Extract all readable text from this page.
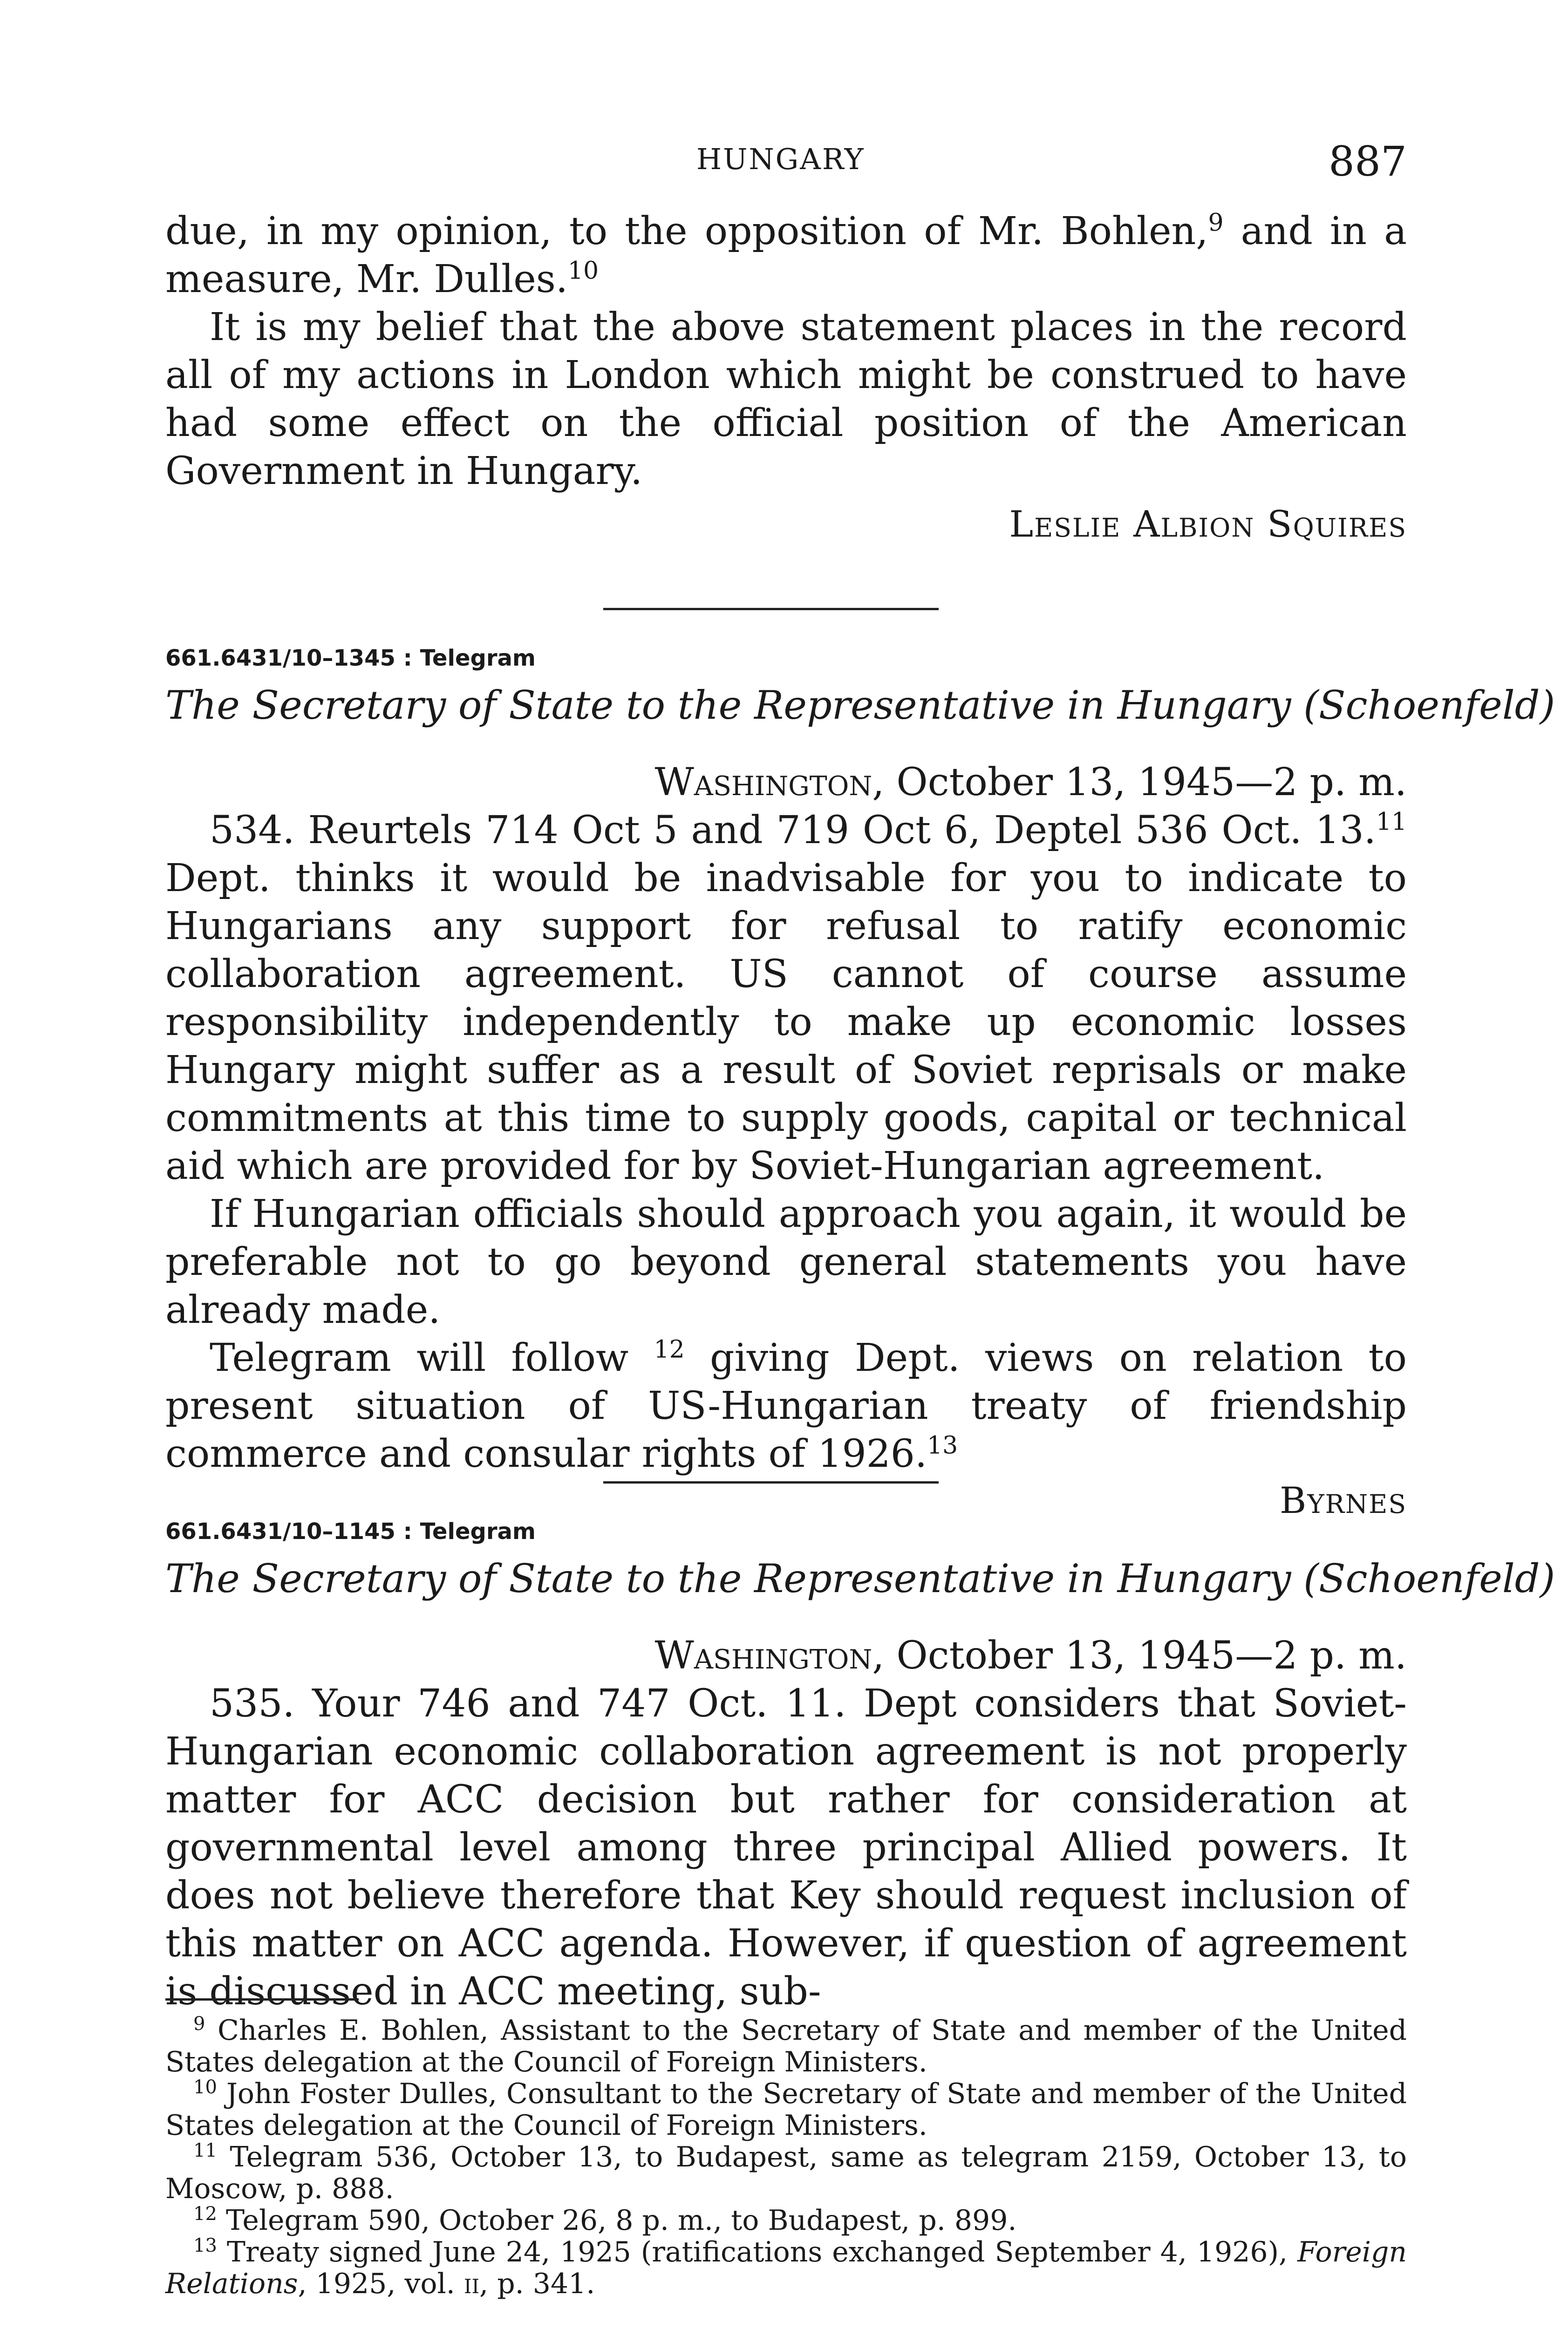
HUNGARY	887

due, in my opinion, to the opposition of Mr. Bohlen,$^9$ and in a measure, Mr. Dulles.$^{10}$

It is my belief that the above statement places in the record all of my actions in London which might be construed to have had some effect on the official position of the American Government in Hungary.

Leslie Albion Squires

661.6431/10–1345 : Telegram

The Secretary of State to the Representative in Hungary (Schoenfeld)

Washington, October 13, 1945—2 p. m.

534. Reurtels 714 Oct 5 and 719 Oct 6, Deptel 536 Oct. 13.11 Dept. thinks it would be inadvisable for you to indicate to Hungarians any support for refusal to ratify economic collaboration agreement. US cannot of course assume responsibility independently to make up economic losses Hungary might suffer as a result of Soviet reprisals or make commitments at this time to supply goods, capital or technical aid which are provided for by Soviet-Hungarian agreement.

If Hungarian officials should approach you again, it would be preferable not to go beyond general statements you have already made.

Telegram will follow $^{12}$ giving Dept. views on relation to present situation of US-Hungarian treaty of friendship commerce and consular rights of 1926.13

Byrnes

661.6431/10–1145 : Telegram

The Secretary of State to the Representative in Hungary (Schoenfeld)

Washington, October 13, 1945—2 p. m.

535. Your 746 and 747 Oct. 11. Dept considers that Soviet-Hungarian economic collaboration agreement is not properly matter for ACC decision but rather for consideration at governmental level among three principal Allied powers. It does not believe therefore that Key should request inclusion of this matter on ACC agenda. However, if question of agreement is discussed in ACC meeting, sub-

$^9$ Charles E. Bohlen, Assistant to the Secretary of State and member of the United States delegation at the Council of Foreign Ministers.

$^{10}$ John Foster Dulles, Consultant to the Secretary of State and member of the United States delegation at the Council of Foreign Ministers.

$^{11}$ Telegram 536, October 13, to Budapest, same as telegram 2159, October 13, to Moscow, p. 888.

$^{12}$ Telegram 590, October 26, 8 p. m., to Budapest, p. 899.

$^{13}$ Treaty signed June 24, 1925 (ratifications exchanged September 4, 1926), Foreign Relations, 1925, vol. ii, p. 341.
